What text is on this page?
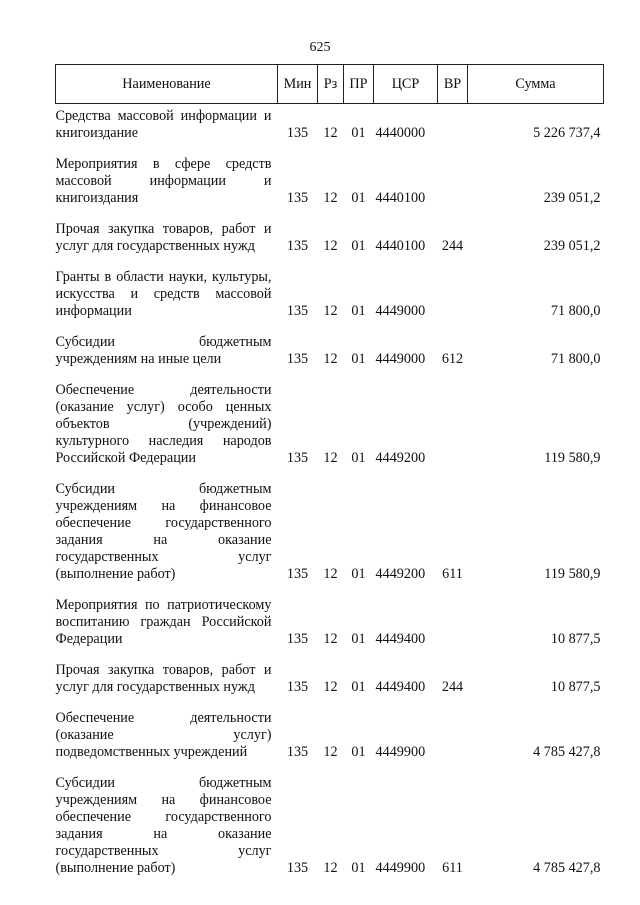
625
Наименование	Мин	Рз	ПР	ЦСР	ВР	Сумма
Средства массовой информации и книгоиздание	135	12	01	4440000		5 226 737,4
Мероприятия в сфере средств массовой информации и книгоиздания	135	12	01	4440100		239 051,2
Прочая закупка товаров, работ и услуг для государственных нужд	135	12	01	4440100	244	239 051,2
Гранты в области науки, культуры, искусства и средств массовой информации	135	12	01	4449000		71 800,0
Субсидии бюджетным учреждениям на иные цели	135	12	01	4449000	612	71 800,0
Обеспечение деятельности (оказание услуг) особо ценных объектов (учреждений) культурного наследия народов Российской Федерации	135	12	01	4449200		119 580,9
Субсидии бюджетным учреждениям на финансовое обеспечение государственного задания на оказание государственных услуг (выполнение работ)	135	12	01	4449200	611	119 580,9
Мероприятия по патриотическому воспитанию граждан Российской Федерации	135	12	01	4449400		10 877,5
Прочая закупка товаров, работ и услуг для государственных нужд	135	12	01	4449400	244	10 877,5
Обеспечение деятельности (оказание услуг) подведомственных учреждений	135	12	01	4449900		4 785 427,8
Субсидии бюджетным учреждениям на финансовое обеспечение государственного задания на оказание государственных услуг (выполнение работ)	135	12	01	4449900	611	4 785 427,8
